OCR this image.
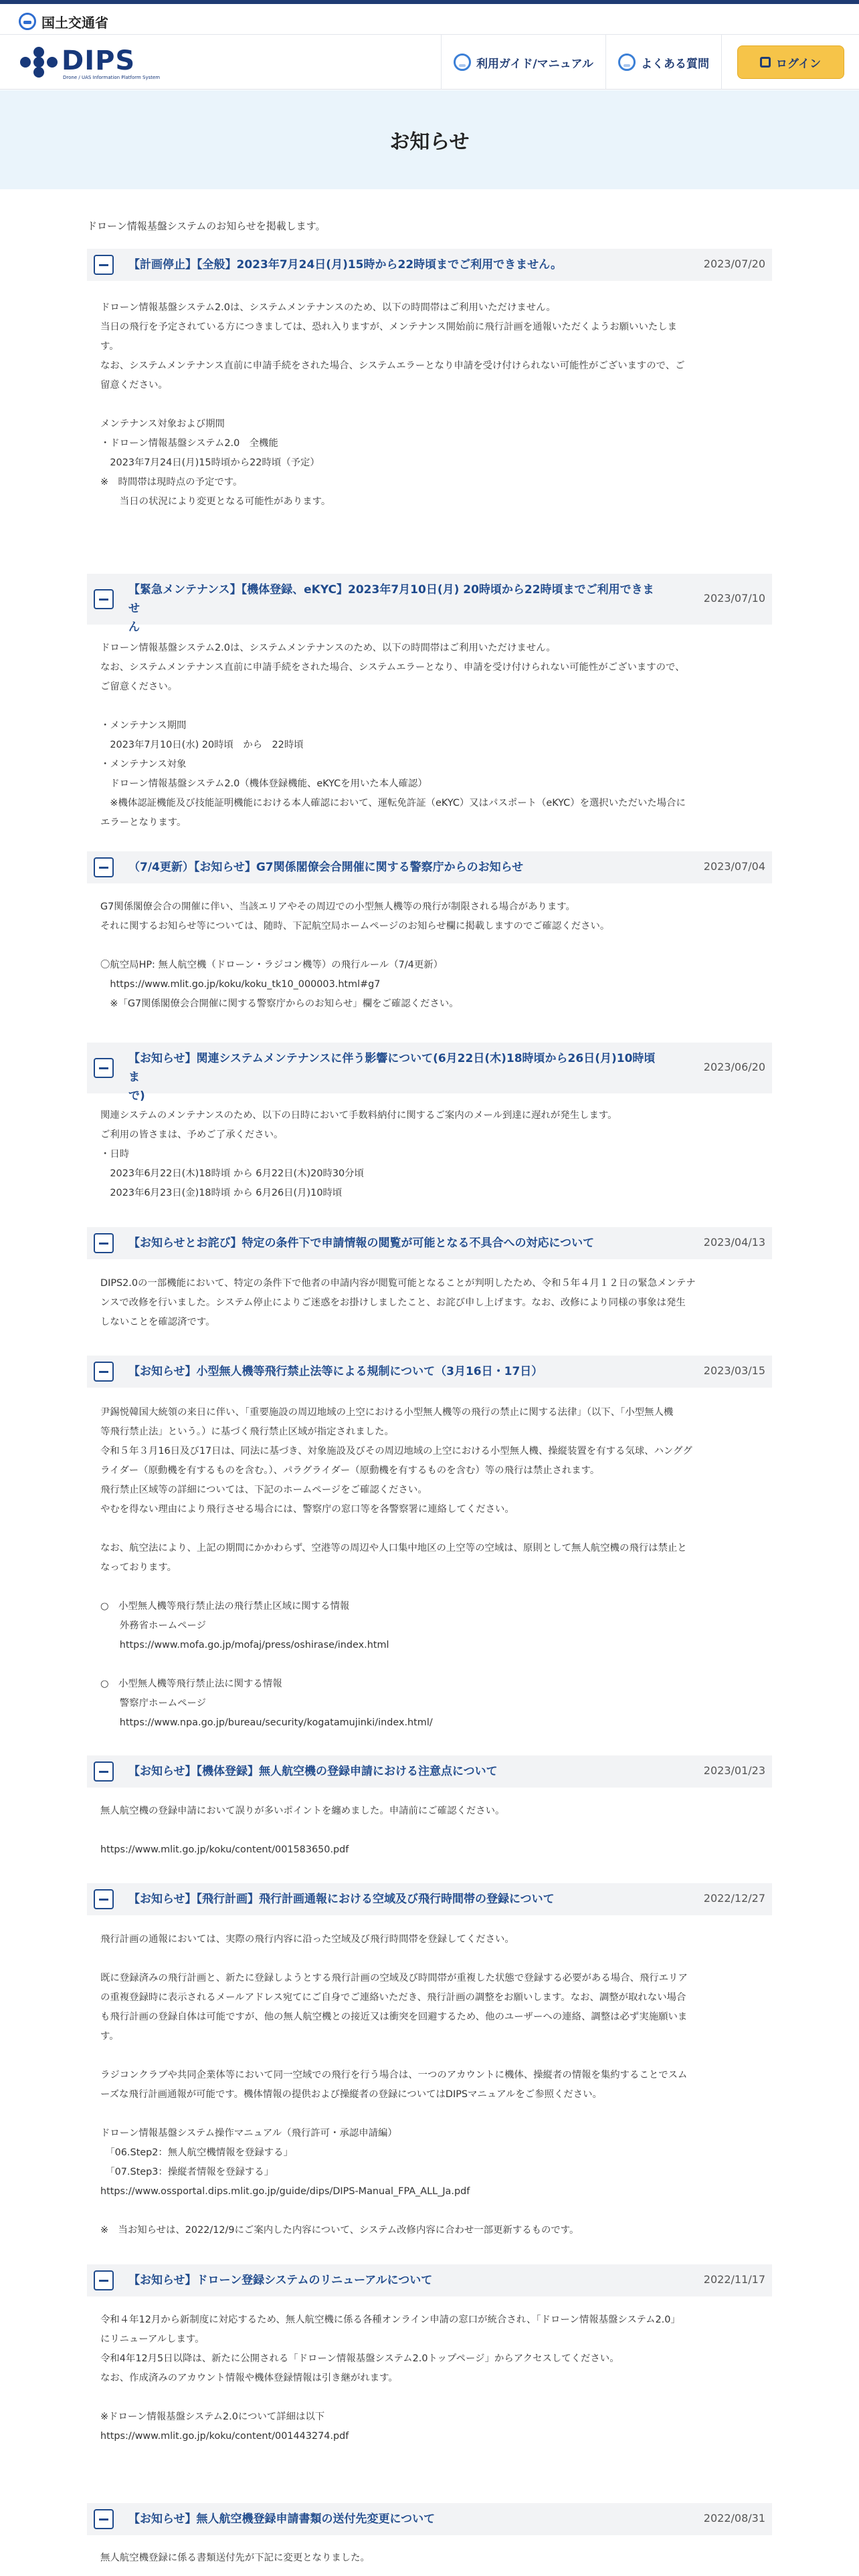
国土交通省
DIPS
Drone / UAS Information Platform System
利用ガイド/マニュアル	よくある質問	ログイン
お知らせ
ドローン情報基盤システムのお知らせを掲載します。
【計画停止】【全般】2023年7月24日(月)15時から22時頃までご利用できません。	2023/07/20

ドローン情報基盤システム2.0は、システムメンテナンスのため、以下の時間帯はご利用いただけません。
当日の飛行を予定されている方につきましては、恐れ入りますが、メンテナンス開始前に飛行計画を通報いただくようお願いいたしま
す。
なお、システムメンテナンス直前に申請手続をされた場合、システムエラーとなり申請を受け付けられない可能性がございますので、ご
留意ください。

メンテナンス対象および期間
・ドローン情報基盤システム2.0　全機能
　2023年7月24日(月)15時頃から22時頃（予定）
※　時間帯は現時点の予定です。
　　当日の状況により変更となる可能性があります。

【緊急メンテナンス】【機体登録、eKYC】2023年7月10日(月) 20時頃から22時頃までご利用できませ
ん
2023/07/10

ドローン情報基盤システム2.0は、システムメンテナンスのため、以下の時間帯はご利用いただけません。
なお、システムメンテナンス直前に申請手続をされた場合、システムエラーとなり、申請を受け付けられない可能性がございますので、
ご留意ください。

・メンテナンス期間
　2023年7月10日(水) 20時頃　から　22時頃
・メンテナンス対象
　ドローン情報基盤システム2.0（機体登録機能、eKYCを用いた本人確認）
　※機体認証機能及び技能証明機能における本人確認において、運転免許証（eKYC）又はパスポート（eKYC）を選択いただいた場合に
エラーとなります。

（7/4更新）【お知らせ】G7関係閣僚会合開催に関する警察庁からのお知らせ	2023/07/04

G7関係閣僚会合の開催に伴い、当該エリアやその周辺での小型無人機等の飛行が制限される場合があります。
それに関するお知らせ等については、随時、下記航空局ホームページのお知らせ欄に掲載しますのでご確認ください。

〇航空局HP: 無人航空機（ドローン・ラジコン機等）の飛行ルール（7/4更新）
　https://www.mlit.go.jp/koku/koku_tk10_000003.html#g7
　※「G7関係閣僚会合開催に関する警察庁からのお知らせ」欄をご確認ください。

【お知らせ】関連システムメンテナンスに伴う影響について(6月22日(木)18時頃から26日(月)10時頃ま
で)
2023/06/20

関連システムのメンテナンスのため、以下の日時において手数料納付に関するご案内のメール到達に遅れが発生します。
ご利用の皆さまは、予めご了承ください。
・日時
　2023年6月22日(木)18時頃 から 6月22日(木)20時30分頃
　2023年6月23日(金)18時頃 から 6月26日(月)10時頃

【お知らせとお詫び】特定の条件下で申請情報の閲覧が可能となる不具合への対応について	2023/04/13

DIPS2.0の一部機能において、特定の条件下で他者の申請内容が閲覧可能となることが判明したため、令和５年４月１２日の緊急メンテナ
ンスで改修を行いました。システム停止によりご迷惑をお掛けしましたこと、お詫び申し上げます。なお、改修により同様の事象は発生
しないことを確認済です。

【お知らせ】小型無人機等飛行禁止法等による規制について（3月16日・17日）	2023/03/15

尹錫悦韓国大統領の来日に伴い、「重要施設の周辺地域の上空における小型無人機等の飛行の禁止に関する法律」（以下、「小型無人機
等飛行禁止法」という。）に基づく飛行禁止区域が指定されました。
令和５年３月16日及び17日は、同法に基づき、対象施設及びその周辺地域の上空における小型無人機、操縦装置を有する気球、ハンググ
ライダー（原動機を有するものを含む。）、パラグライダー（原動機を有するものを含む）等の飛行は禁止されます。
飛行禁止区域等の詳細については、下記のホームページをご確認ください。
やむを得ない理由により飛行させる場合には、警察庁の窓口等を各警察署に連絡してください。

なお、航空法により、上記の期間にかかわらず、空港等の周辺や人口集中地区の上空等の空域は、原則として無人航空機の飛行は禁止と
なっております。

○　小型無人機等飛行禁止法の飛行禁止区域に関する情報
　　外務省ホームページ
　　https://www.mofa.go.jp/mofaj/press/oshirase/index.html

○　小型無人機等飛行禁止法に関する情報
　　警察庁ホームページ
　　https://www.npa.go.jp/bureau/security/kogatamujinki/index.html/

【お知らせ】【機体登録】無人航空機の登録申請における注意点について	2023/01/23

無人航空機の登録申請において誤りが多いポイントを纏めました。申請前にご確認ください。

https://www.mlit.go.jp/koku/content/001583650.pdf

【お知らせ】【飛行計画】飛行計画通報における空域及び飛行時間帯の登録について	2022/12/27

飛行計画の通報においては、実際の飛行内容に沿った空域及び飛行時間帯を登録してください。

既に登録済みの飛行計画と、新たに登録しようとする飛行計画の空域及び時間帯が重複した状態で登録する必要がある場合、飛行エリア
の重複登録時に表示されるメールアドレス宛てにご自身でご連絡いただき、飛行計画の調整をお願いします。なお、調整が取れない場合
も飛行計画の登録自体は可能ですが、他の無人航空機との接近又は衝突を回避するため、他のユーザーへの連絡、調整は必ず実施願いま
す。

ラジコンクラブや共同企業体等において同一空域での飛行を行う場合は、一つのアカウントに機体、操縦者の情報を集約することでスム
ーズな飛行計画通報が可能です。機体情報の提供および操縦者の登録についてはDIPSマニュアルをご参照ください。

ドローン情報基盤システム操作マニュアル（飛行許可・承認申請編）
　「06.Step2：無人航空機情報を登録する」
　「07.Step3：操縦者情報を登録する」
https://www.ossportal.dips.mlit.go.jp/guide/dips/DIPS-Manual_FPA_ALL_Ja.pdf

※　当お知らせは、2022/12/9にご案内した内容について、システム改修内容に合わせ一部更新するものです。

【お知らせ】ドローン登録システムのリニューアルについて	2022/11/17

令和４年12月から新制度に対応するため、無人航空機に係る各種オンライン申請の窓口が統合され、「ドローン情報基盤システム2.0」
にリニューアルします。
令和4年12月5日以降は、新たに公開される「ドローン情報基盤システム2.0トップページ」からアクセスしてください。
なお、作成済みのアカウント情報や機体登録情報は引き継がれます。

※ドローン情報基盤システム2.0について詳細は以下
https://www.mlit.go.jp/koku/content/001443274.pdf

【お知らせ】無人航空機登録申請書類の送付先変更について	2022/08/31

無人航空機登録に係る書類送付先が下記に変更となりました。
